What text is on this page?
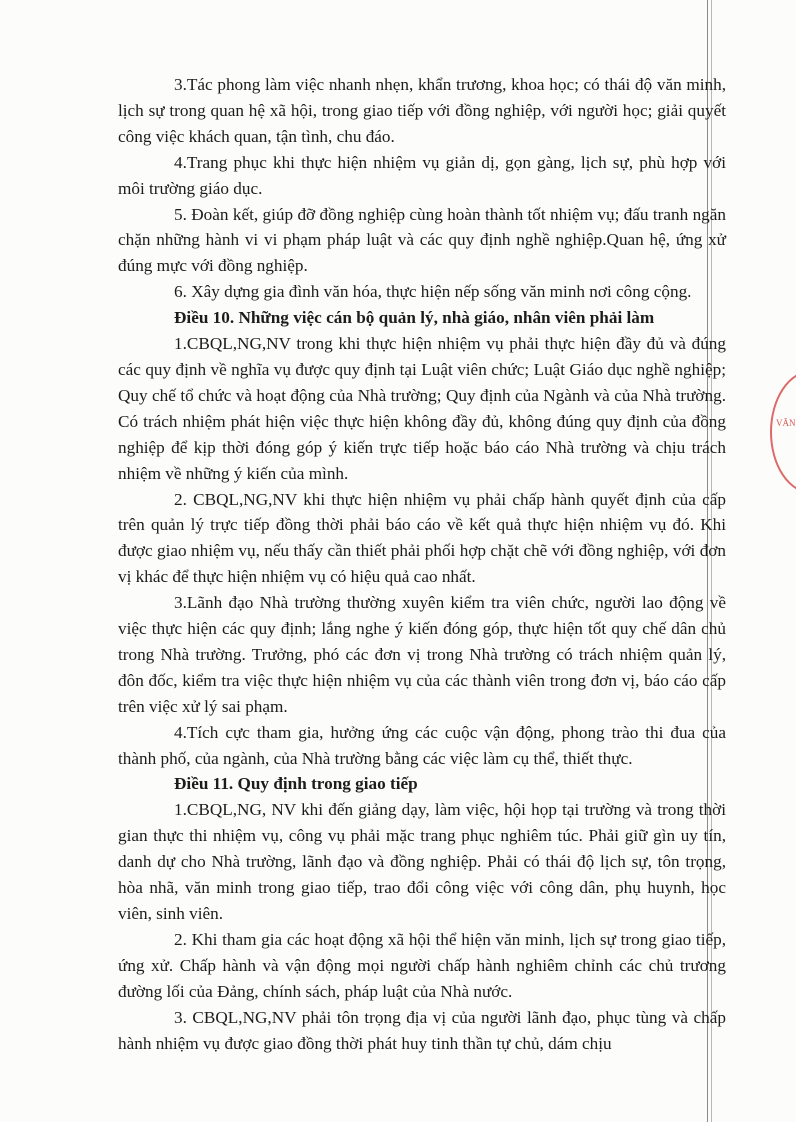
VĂN

3.Tác phong làm việc nhanh nhẹn, khẩn trương, khoa học; có thái độ văn minh, lịch sự trong quan hệ xã hội, trong giao tiếp với đồng nghiệp, với người học; giải quyết công việc khách quan, tận tình, chu đáo.

4.Trang phục khi thực hiện nhiệm vụ giản dị, gọn gàng, lịch sự, phù hợp với môi trường giáo dục.

5. Đoàn kết, giúp đỡ đồng nghiệp cùng hoàn thành tốt nhiệm vụ; đấu tranh ngăn chặn những hành vi vi phạm pháp luật và các quy định nghề nghiệp.Quan hệ, ứng xử đúng mực với đồng nghiệp.

6. Xây dựng gia đình văn hóa, thực hiện nếp sống văn minh nơi công cộng.

Điều 10. Những việc cán bộ quản lý, nhà giáo, nhân viên phải làm

1.CBQL,NG,NV trong khi thực hiện nhiệm vụ phải thực hiện đầy đủ và đúng các quy định về nghĩa vụ được quy định tại Luật viên chức; Luật Giáo dục nghề nghiệp; Quy chế tổ chức và hoạt động của Nhà trường; Quy định của Ngành và của Nhà trường. Có trách nhiệm phát hiện việc thực hiện không đầy đủ, không đúng quy định của đồng nghiệp để kịp thời đóng góp ý kiến trực tiếp hoặc báo cáo Nhà trường và chịu trách nhiệm về những ý kiến của mình.

2. CBQL,NG,NV khi thực hiện nhiệm vụ phải chấp hành quyết định của cấp trên quản lý trực tiếp đồng thời phải báo cáo về kết quả thực hiện nhiệm vụ đó. Khi được giao nhiệm vụ, nếu thấy cần thiết phải phối hợp chặt chẽ với đồng nghiệp, với đơn vị khác để thực hiện nhiệm vụ có hiệu quả cao nhất.

3.Lãnh đạo Nhà trường thường xuyên kiểm tra viên chức, người lao động về việc thực hiện các quy định; lắng nghe ý kiến đóng góp, thực hiện tốt quy chế dân chủ trong Nhà trường. Trưởng, phó các đơn vị trong Nhà trường có trách nhiệm quản lý, đôn đốc, kiểm tra việc thực hiện nhiệm vụ của các thành viên trong đơn vị, báo cáo cấp trên việc xử lý sai phạm.

4.Tích cực tham gia, hưởng ứng các cuộc vận động, phong trào thi đua của thành phố, của ngành, của Nhà trường bằng các việc làm cụ thể, thiết thực.

Điều 11. Quy định trong giao tiếp

1.CBQL,NG, NV khi đến giảng dạy, làm việc, hội họp tại trường và trong thời gian thực thi nhiệm vụ, công vụ phải mặc trang phục nghiêm túc. Phải giữ gìn uy tín, danh dự cho Nhà trường, lãnh đạo và đồng nghiệp. Phải có thái độ lịch sự, tôn trọng, hòa nhã, văn minh trong giao tiếp, trao đổi công việc với công dân, phụ huynh, học viên, sinh viên.

2. Khi tham gia các hoạt động xã hội thể hiện văn minh, lịch sự trong giao tiếp, ứng xử. Chấp hành và vận động mọi người chấp hành nghiêm chỉnh các chủ trương đường lối của Đảng, chính sách, pháp luật của Nhà nước.

3. CBQL,NG,NV phải tôn trọng địa vị của người lãnh đạo, phục tùng và chấp hành nhiệm vụ được giao đồng thời phát huy tinh thần tự chủ, dám chịu
